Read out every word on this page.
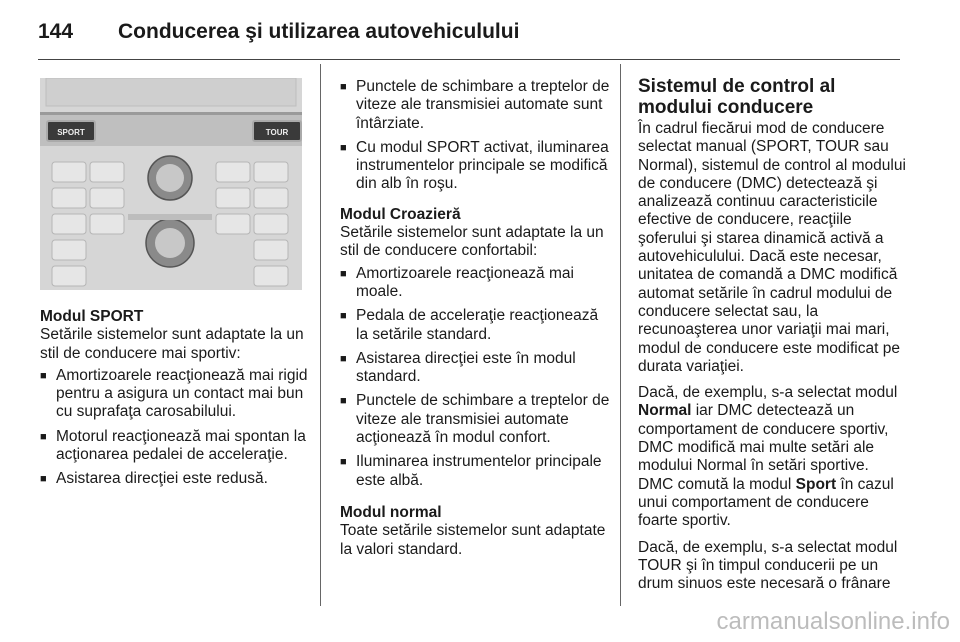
144 Conducerea şi utilizarea autovehiculului
SPORT	TOUR
Modul SPORT

Setările sistemelor sunt adaptate la un stil de conducere mai sportiv:

■ Amortizoarele reacţionează mai rigid pentru a asigura un contact mai bun cu suprafaţa carosabilului.
■ Motorul reacţionează mai spontan la acţionarea pedalei de acceleraţie.
■ Asistarea direcţiei este redusă.
■ Punctele de schimbare a treptelor de viteze ale transmisiei automate sunt întârziate.
■ Cu modul SPORT activat, iluminarea instrumentelor principale se modifică din alb în roşu.
Modul Croazieră

Setările sistemelor sunt adaptate la un stil de conducere confortabil:

■ Amortizoarele reacţionează mai moale.
■ Pedala de acceleraţie reacţionează la setările standard.
■ Asistarea direcţiei este în modul standard.
■ Punctele de schimbare a treptelor de viteze ale transmisiei automate acţionează în modul confort.
■ Iluminarea instrumentelor principale este albă.
Modul normal

Toate setările sistemelor sunt adaptate la valori standard.

Sistemul de control al modului conducere

În cadrul fiecărui mod de conducere selectat manual (SPORT, TOUR sau Normal), sistemul de control al modului de conducere (DMC) detectează şi analizează continuu caracteristicile efective de conducere, reacţiile şoferului şi starea dinamică activă a autovehiculului. Dacă este necesar, unitatea de comandă a DMC modifică automat setările în cadrul modului de conducere selectat sau, la recunoaşterea unor variaţii mai mari, modul de conducere este modificat pe durata variaţiei.

Dacă, de exemplu, s-a selectat modul Normal iar DMC detectează un comportament de conducere sportiv, DMC modifică mai multe setări ale modului Normal în setări sportive. DMC comută la modul Sport în cazul unui comportament de conducere foarte sportiv.

Dacă, de exemplu, s-a selectat modul TOUR şi în timpul conducerii pe un drum sinuos este necesară o frânare

carmanualsonline.info
